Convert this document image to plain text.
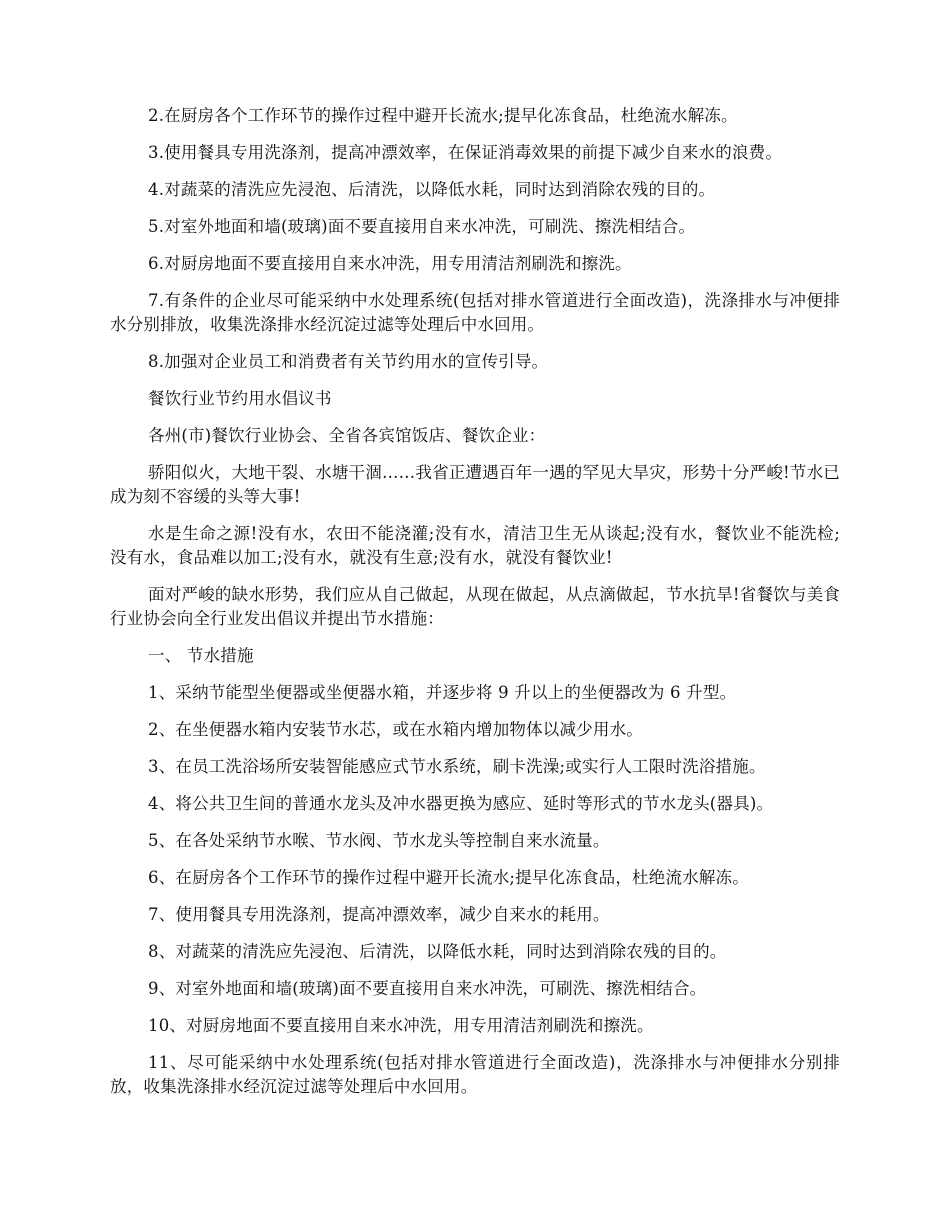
2.在厨房各个工作环节的操作过程中避开长流水;提早化冻食品，杜绝流水解冻。

3.使用餐具专用洗涤剂，提高冲漂效率，在保证消毒效果的前提下减少自来水的浪费。

4.对蔬菜的清洗应先浸泡、后清洗，以降低水耗，同时达到消除农残的目的。

5.对室外地面和墙(玻璃)面不要直接用自来水冲洗，可刷洗、擦洗相结合。

6.对厨房地面不要直接用自来水冲洗，用专用清洁剂刷洗和擦洗。

7.有条件的企业尽可能采纳中水处理系统(包括对排水管道进行全面改造)，洗涤排水与冲便排水分别排放，收集洗涤排水经沉淀过滤等处理后中水回用。

8.加强对企业员工和消费者有关节约用水的宣传引导。

餐饮行业节约用水倡议书

各州(市)餐饮行业协会、全省各宾馆饭店、餐饮企业：

骄阳似火，大地干裂、水塘干涸……我省正遭遇百年一遇的罕见大旱灾，形势十分严峻!节水已成为刻不容缓的头等大事!

水是生命之源!没有水，农田不能浇灌;没有水，清洁卫生无从谈起;没有水，餐饮业不能洗检;没有水，食品难以加工;没有水，就没有生意;没有水，就没有餐饮业!

面对严峻的缺水形势，我们应从自己做起，从现在做起，从点滴做起，节水抗旱!省餐饮与美食行业协会向全行业发出倡议并提出节水措施：

一、 节水措施

1、采纳节能型坐便器或坐便器水箱，并逐步将 9 升以上的坐便器改为 6 升型。

2、在坐便器水箱内安装节水芯，或在水箱内增加物体以减少用水。

3、在员工洗浴场所安装智能感应式节水系统，刷卡洗澡;或实行人工限时洗浴措施。

4、将公共卫生间的普通水龙头及冲水器更换为感应、延时等形式的节水龙头(器具)。

5、在各处采纳节水喉、节水阀、节水龙头等控制自来水流量。

6、在厨房各个工作环节的操作过程中避开长流水;提早化冻食品，杜绝流水解冻。

7、使用餐具专用洗涤剂，提高冲漂效率，减少自来水的耗用。

8、对蔬菜的清洗应先浸泡、后清洗，以降低水耗，同时达到消除农残的目的。

9、对室外地面和墙(玻璃)面不要直接用自来水冲洗，可刷洗、擦洗相结合。

10、对厨房地面不要直接用自来水冲洗，用专用清洁剂刷洗和擦洗。

11、尽可能采纳中水处理系统(包括对排水管道进行全面改造)，洗涤排水与冲便排水分别排放，收集洗涤排水经沉淀过滤等处理后中水回用。
